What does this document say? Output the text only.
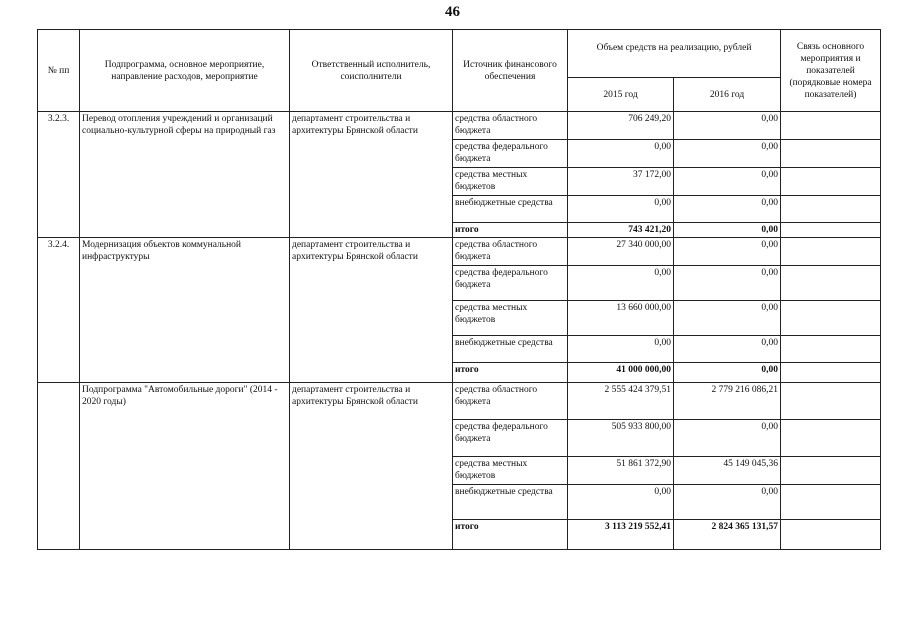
46
№ пп	Подпрограмма, основное мероприятие, направление расходов, мероприятие	Ответственный исполнитель, соисполнители	Источник финансового обеспечения	Объем средств на реализацию, рублей		Связь основного мероприятия и показателей (порядковые номера показателей)
				2015 год	2016 год	
3.2.3.	Перевод отопления учреждений и организаций социально-культурной сферы на природный газ	департамент строительства и архитектуры Брянской области	средства областного бюджета	706 249,20	0,00	
			средства федерального бюджета	0,00	0,00	
			средства местных бюджетов	37 172,00	0,00	
			внебюджетные средства	0,00	0,00	
			итого	743 421,20	0,00	
3.2.4.	Модернизация объектов коммунальной инфраструктуры	департамент строительства и архитектуры Брянской области	средства областного бюджета	27 340 000,00	0,00	
			средства федерального бюджета	0,00	0,00	
			средства местных бюджетов	13 660 000,00	0,00	
			внебюджетные средства	0,00	0,00	
			итого	41 000 000,00	0,00	
	Подпрограмма "Автомобильные дороги" (2014 - 2020 годы)	департамент строительства и архитектуры Брянской области	средства областного бюджета	2 555 424 379,51	2 779 216 086,21	
			средства федерального бюджета	505 933 800,00	0,00	
			средства местных бюджетов	51 861 372,90	45 149 045,36	
			внебюджетные средства	0,00	0,00	
			итого	3 113 219 552,41	2 824 365 131,57	
